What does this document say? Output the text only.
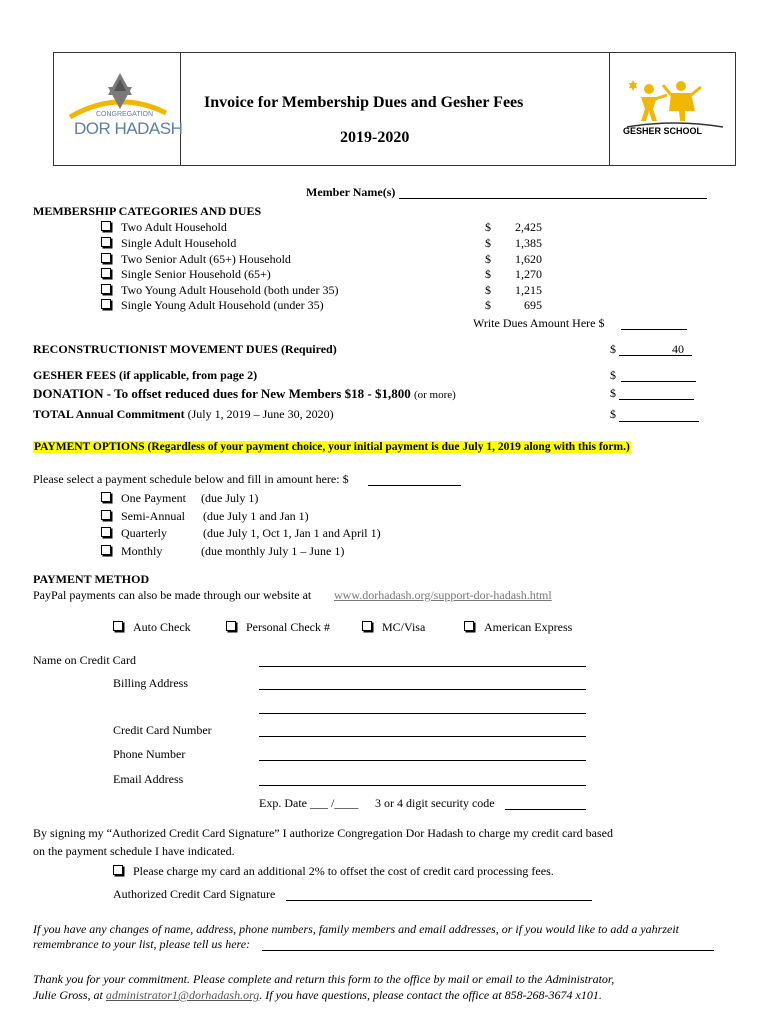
CONGREGATION
DOR HADASH
Invoice for Membership Dues and Gesher Fees
2019-2020	GESHER SCHOOL
Member Name(s)
MEMBERSHIP CATEGORIES AND DUES
Two Adult Household	$ 2,425
Single Adult Household	$ 1,385
Two Senior Adult (65+) Household	$ 1,620
Single Senior Household (65+)	$ 1,270
Two Young Adult Household (both under 35)	$ 1,215
Single Young Adult Household (under 35)	$	695
Write Dues Amount Here $
RECONSTRUCTIONIST MOVEMENT DUES (Required)	$	40
GESHER FEES (if applicable, from page 2)	$
DONATION - To offset reduced dues for New Members $18 - $1,800 (or more)	$
TOTAL Annual Commitment (July 1, 2019 – June 30, 2020)	$
PAYMENT OPTIONS (Regardless of your payment choice, your initial payment is due July 1, 2019 along with this form.)
Please select a payment schedule below and fill in amount here: $
One Payment (due July 1)
Semi-Annual (due July 1 and Jan 1)
Quarterly	(due July 1, Oct 1, Jan 1 and April 1)
Monthly	(due monthly July 1 – June 1)
PAYMENT METHOD
PayPal payments can also be made through our website at www.dorhadash.org/support-dor-hadash.html
Auto Check	Personal Check #	MC/Visa	American Express
Name on Credit Card
Billing Address
Credit Card Number
Phone Number
Email Address
Exp. Date ___ /____ 3 or 4 digit security code
By signing my “Authorized Credit Card Signature” I authorize Congregation Dor Hadash to charge my credit card based
on the payment schedule I have indicated.
Please charge my card an additional 2% to offset the cost of credit card processing fees.
Authorized Credit Card Signature
If you have any changes of name, address, phone numbers, family members and email addresses, or if you would like to add a yahrzeit
remembrance to your list, please tell us here:
Thank you for your commitment. Please complete and return this form to the office by mail or email to the Administrator,
Julie Gross, at administrator1@dorhadash.org. If you have questions, please contact the office at 858-268-3674 x101.
